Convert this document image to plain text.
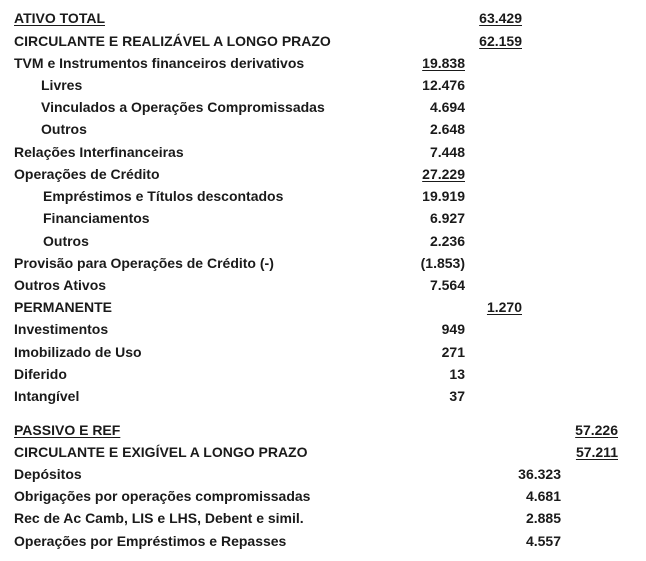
ATIVO TOTAL	63.429
CIRCULANTE E REALIZÁVEL A LONGO PRAZO	62.159
TVM e Instrumentos financeiros derivativos	19.838
Livres	12.476
Vinculados a Operações Compromissadas	4.694
Outros	2.648
Relações Interfinanceiras	7.448
Operações de Crédito	27.229
Empréstimos e Títulos descontados	19.919
Financiamentos	6.927
Outros	2.236
Provisão para Operações de Crédito (-)	(1.853)
Outros Ativos	7.564
PERMANENTE	1.270
Investimentos	949
Imobilizado de Uso	271
Diferido	13
Intangível	37
PASSIVO E REF	57.226
CIRCULANTE E EXIGÍVEL A LONGO PRAZO	57.211
Depósitos	36.323
Obrigações por operações compromissadas	4.681
Rec de Ac Camb, LIS e LHS, Debent e simil.	2.885
Operações por Empréstimos e Repasses	4.557
